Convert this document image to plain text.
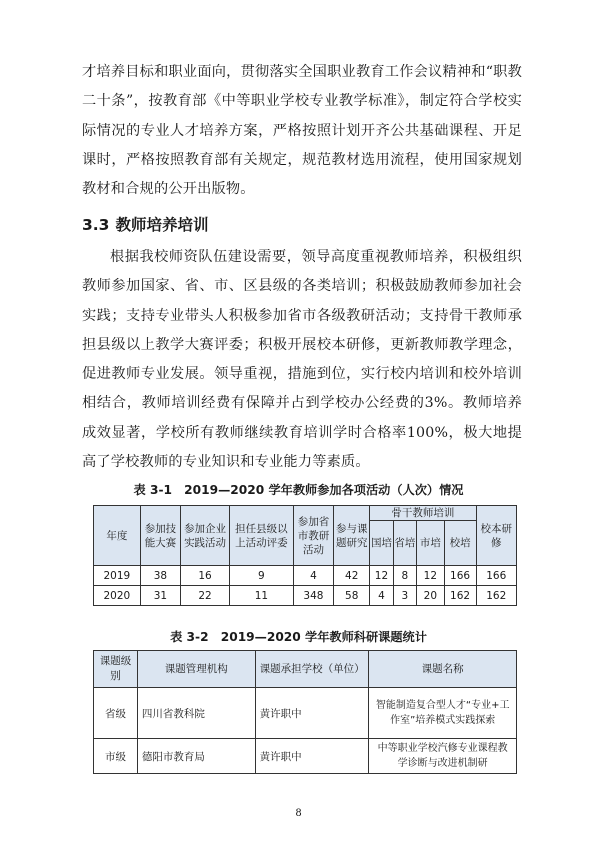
才培养目标和职业面向，贯彻落实全国职业教育工作会议精神和“职教二十条”，按教育部《中等职业学校专业教学标准》，制定符合学校实际情况的专业人才培养方案，严格按照计划开齐公共基础课程、开足课时，严格按照教育部有关规定，规范教材选用流程，使用国家规划教材和合规的公开出版物。

3.3 教师培养培训

根据我校师资队伍建设需要，领导高度重视教师培养，积极组织教师参加国家、省、市、区县级的各类培训；积极鼓励教师参加社会实践；支持专业带头人积极参加省市各级教研活动；支持骨干教师承担县级以上教学大赛评委；积极开展校本研修，更新教师教学理念，促进教师专业发展。领导重视，措施到位，实行校内培训和校外培训相结合，教师培训经费有保障并占到学校办公经费的3%。教师培养成效显著，学校所有教师继续教育培训学时合格率100%，极大地提高了学校教师的专业知识和专业能力等素质。

表 3-1　2019—2020 学年教师参加各项活动（人次）情况

年度	参加技能大赛	参加企业实践活动	担任县级以上活动评委	参加省市教研活动	参与课题研究	骨干教师培训				校本研修
						国培	省培	市培	校培	
2019	38	16	9	4	42	12	8	12	166	166
2020	31	22	11	348	58	4	3	20	162	162

表 3-2　2019—2020 学年教师科研课题统计

课题级别	课题管理机构	课题承担学校（单位）	课题名称
省级	四川省教科院	黄许职中	智能制造复合型人才“专业+工作室”培养模式实践探索
市级	德阳市教育局	黄许职中	中等职业学校汽修专业课程教学诊断与改进机制研

8
